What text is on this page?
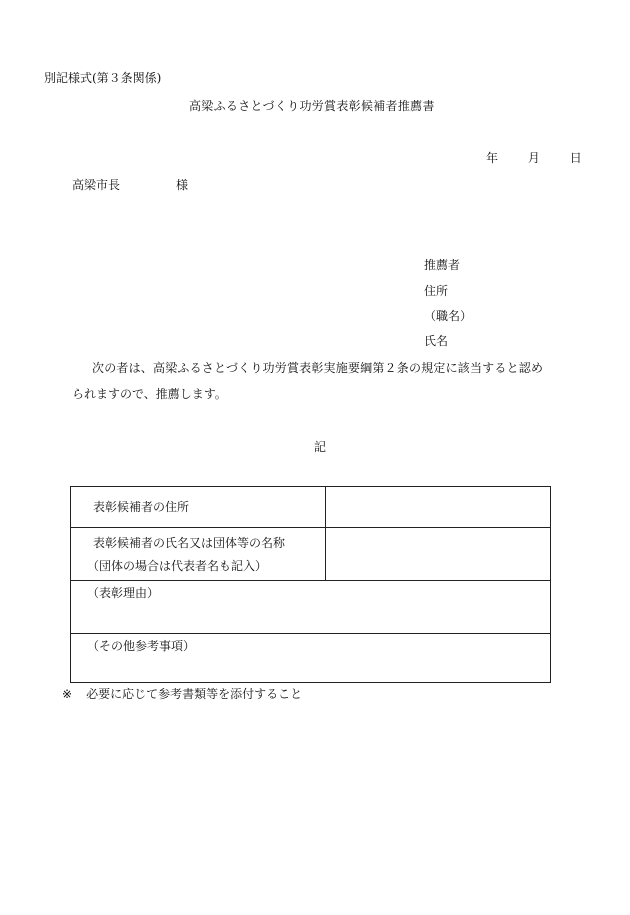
別記様式(第３条関係)
高梁ふるさとづくり功労賞表彰候補者推薦書
年 月 日
高梁市長	様
推薦者
住所
（職名）
氏名
次の者は、高梁ふるさとづくり功労賞表彰実施要綱第２条の規定に該当すると認め
られますので、推薦します。
記
表彰候補者の住所	

表彰候補者の氏名又は団体等の名称
（団体の場合は代表者名も記入）	

（表彰理由）	

（その他参考事項）	
※ 必要に応じて参考書類等を添付すること
